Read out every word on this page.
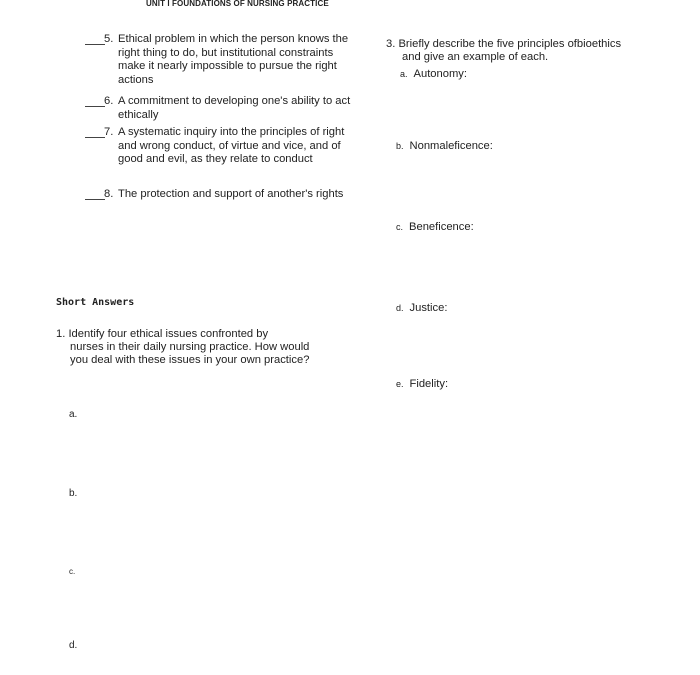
UNIT I FOUNDATIONS OF NURSING PRACTICE
5. Ethical problem in which the person knows the right thing to do, but institutional constraints make it nearly impossible to pursue the right actions
6. A commitment to developing one's ability to act ethically
7. A systematic inquiry into the principles of right and wrong conduct, of virtue and vice, and of good and evil, as they relate to conduct
8. The protection and support of another's rights
Short Answers
1. Identify four ethical issues confronted by
nurses in their daily nursing practice. How would you deal with these issues in your own practice?
a.
b.
c.
d.
3. Briefly describe the five principles ofbioethics
and give an example of each.
a. Autonomy:
b. Nonmaleficence:
c. Beneficence:
d. Justice:
e. Fidelity:
